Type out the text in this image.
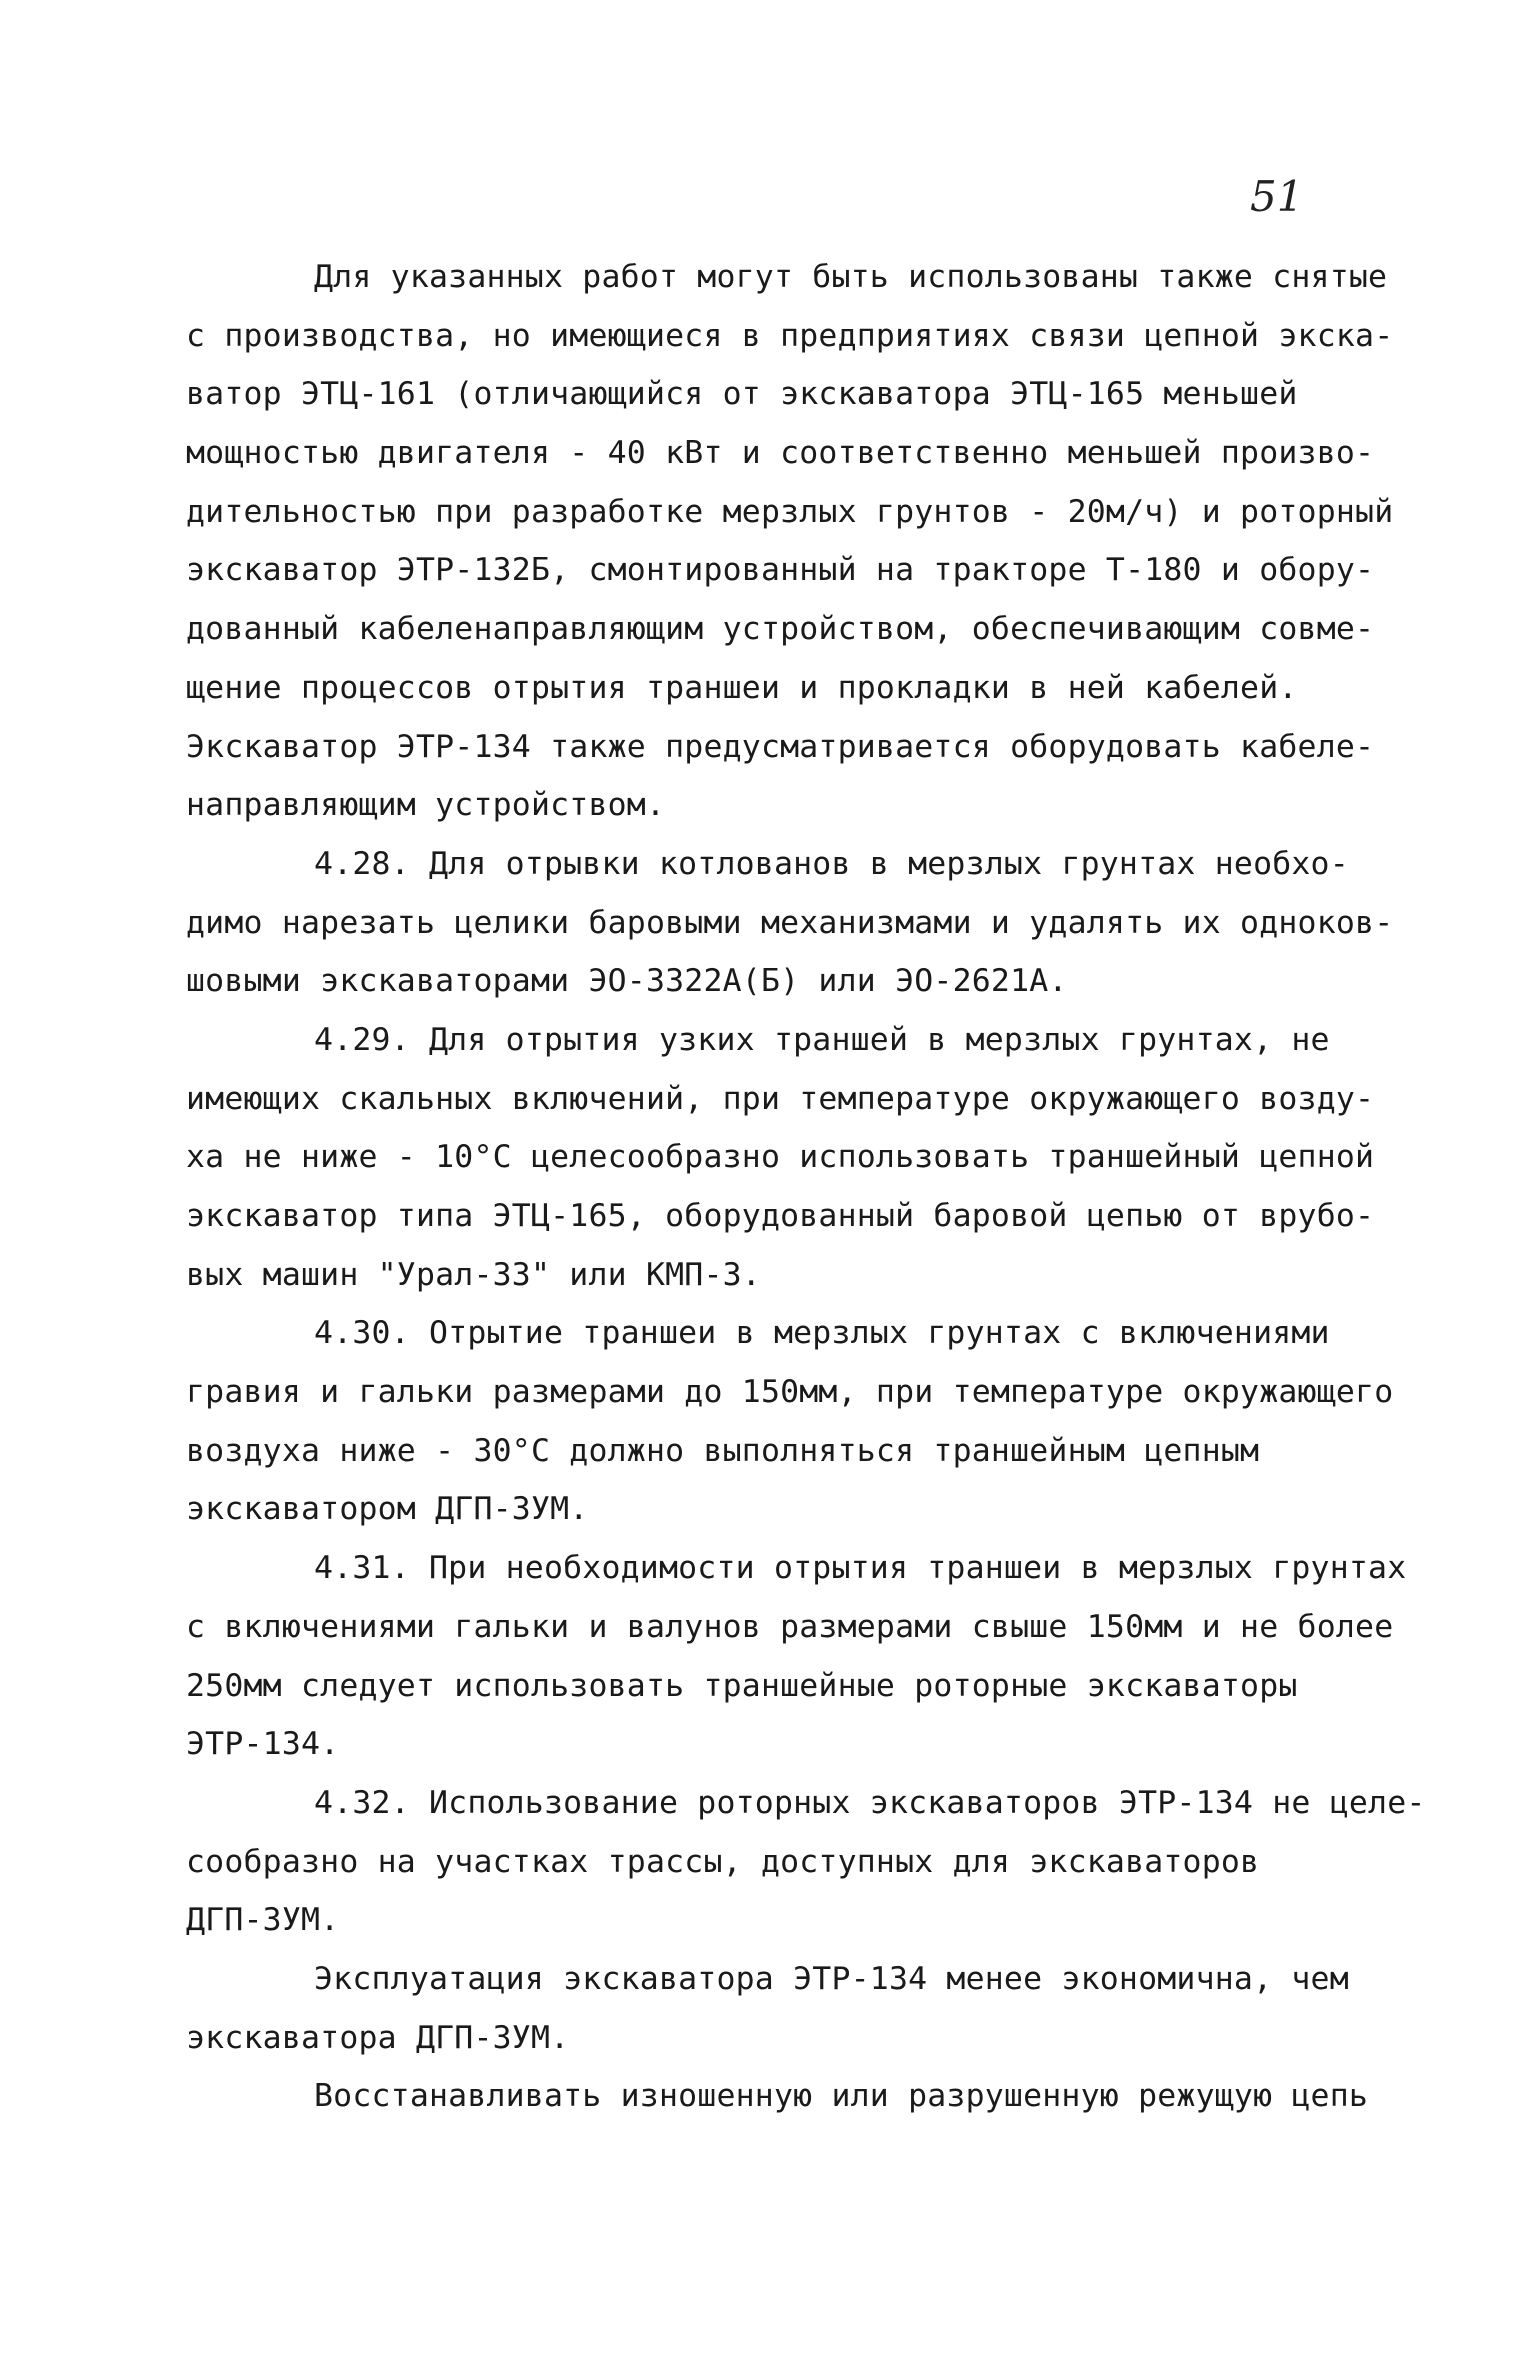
51
Для указанных работ могут быть использованы также снятые
с производства, но имеющиеся в предприятиях связи цепной экска-
ватор ЭТЦ-161 (отличающийся от экскаватора ЭТЦ-165 меньшей
мощностью двигателя - 40 кВт и соответственно меньшей произво-
дительностью при разработке мерзлых грунтов - 20м/ч) и роторный
экскаватор ЭТР-132Б, смонтированный на тракторе Т-180 и обору-
дованный кабеленаправляющим устройством, обеспечивающим совме-
щение процессов отрытия траншеи и прокладки в ней кабелей.
Экскаватор ЭТР-134 также предусматривается оборудовать кабеле-
направляющим устройством.
4.28. Для отрывки котлованов в мерзлых грунтах необхо-
димо нарезать целики баровыми механизмами и удалять их одноков-
шовыми экскаваторами ЭО-3322А(Б) или ЭО-2621А.
4.29. Для отрытия узких траншей в мерзлых грунтах, не
имеющих скальных включений, при температуре окружающего возду-
ха не ниже - 10°С целесообразно использовать траншейный цепной
экскаватор типа ЭТЦ-165, оборудованный баровой цепью от врубо-
вых машин "Урал-33" или КМП-3.
4.30. Отрытие траншеи в мерзлых грунтах с включениями
гравия и гальки размерами до 150мм, при температуре окружающего
воздуха ниже - 30°С должно выполняться траншейным цепным
экскаватором ДГП-3УМ.
4.31. При необходимости отрытия траншеи в мерзлых грунтах
с включениями гальки и валунов размерами свыше 150мм и не более
250мм следует использовать траншейные роторные экскаваторы
ЭТР-134.
4.32. Использование роторных экскаваторов ЭТР-134 не целе-
сообразно на участках трассы, доступных для экскаваторов
ДГП-3УМ.
Эксплуатация экскаватора ЭТР-134 менее экономична, чем
экскаватора ДГП-3УМ.
Восстанавливать изношенную или разрушенную режущую цепь
